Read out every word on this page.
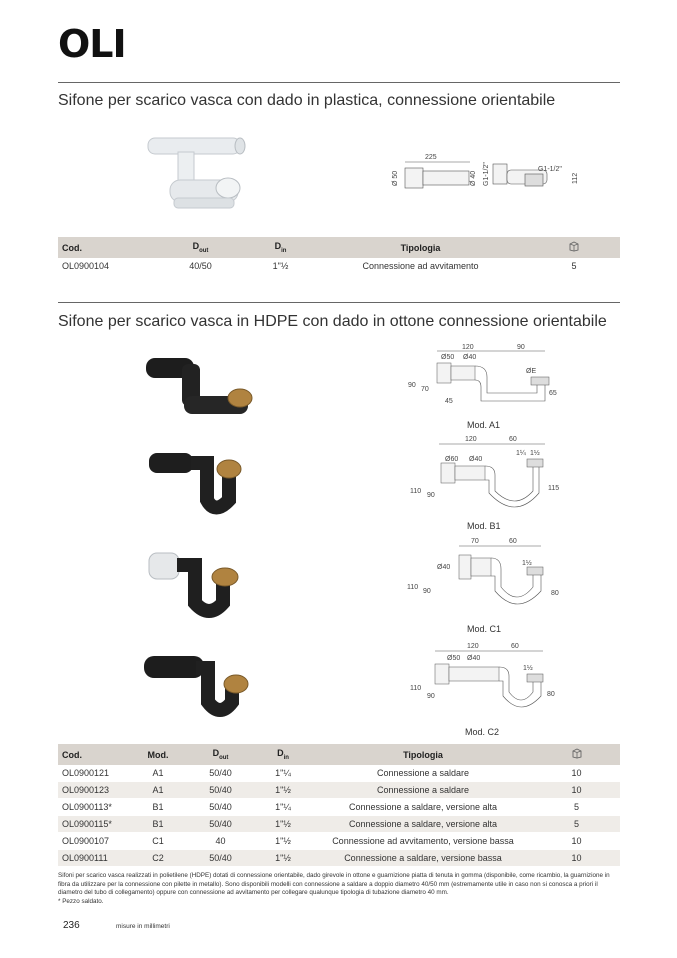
OLI
Sifone per scarico vasca con dado in plastica, connessione orientabile
225
Ø 50	Ø 40 G1-1/2"	G1-1/2"
112
Cod.	$D_{out}$	$D_{in}$	Tipologia	
OL0900104	40/50	1"½	Connessione ad avvitamento	5
Sifone per scarico vasca in HDPE con dado in ottone connessione orientabile
120	90
Ø50 Ø40
ØE
90
70
45
65
Mod. A1
120	60
Ø60 Ø40
1¼ 1½
110
90
115
Mod. B1
70	60
Ø40
1½
110
90	80
Mod. C1
120	60
Ø50 Ø40
1½
110
90	80
Mod. C2
Cod.	Mod.	$D_{out}$	$D_{in}$	Tipologia	
OL0900121	A1	50/40	1"¼	Connessione a saldare	10
OL0900123	A1	50/40	1"½	Connessione a saldare	10
OL0900113*	B1	50/40	1"¼	Connessione a saldare, versione alta	5
OL0900115*	B1	50/40	1"½	Connessione a saldare, versione alta	5
OL0900107	C1	40	1"½	Connessione ad avvitamento, versione bassa	10
OL0900111	C2	50/40	1"½	Connessione a saldare, versione bassa	10
Sifoni per scarico vasca realizzati in polietilene (HDPE) dotati di connessione orientabile, dado girevole in ottone e guarnizione piatta di tenuta in gomma (disponibile, come ricambio, la guarnizione in fibra da utilizzare per la connessione con pilette in metallo). Sono disponibili modelli con connessione a saldare a doppio diametro 40/50 mm (estremamente utile in caso non si conosca a priori il diametro del tubo di collegamento) oppure con connessione ad avvitamento per collegare qualunque tipologia di tubazione diametro 40 mm.
* Pezzo saldato.
236	misure in millimetri
